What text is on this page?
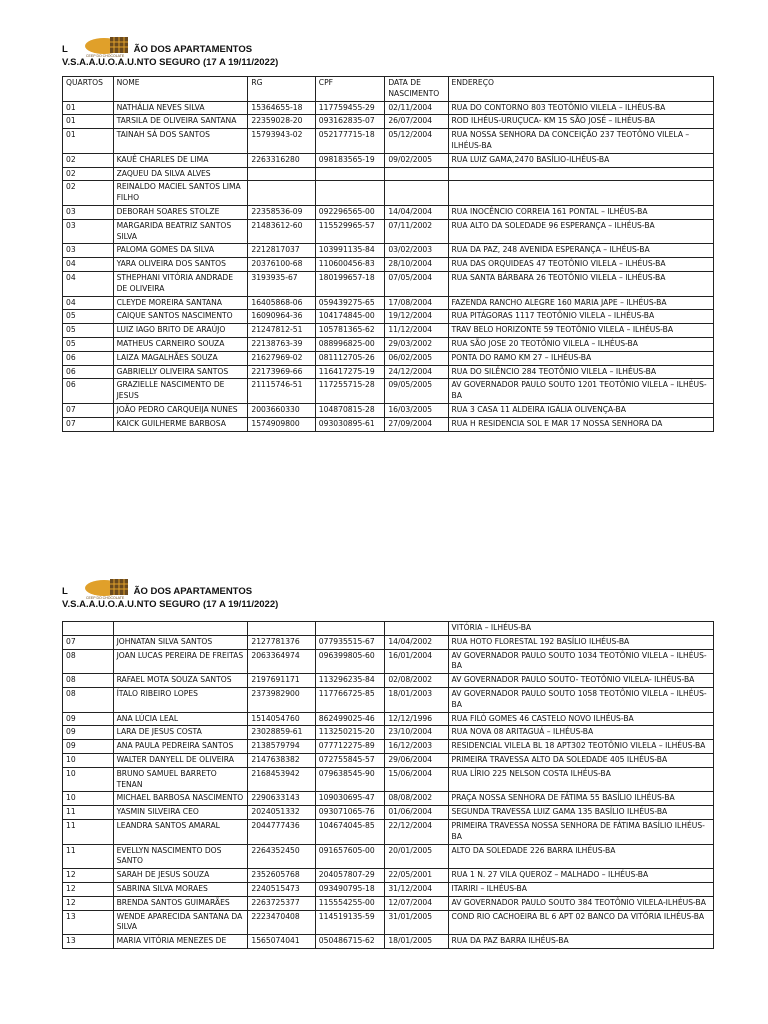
L	ÃO DOS APARTAMENTOS
V.S.A.A.U.O.A.U.NTO SEGURO (17 A 19/11/2022)
CEEP DO CHOCOLATE
QUARTOS	NOME	RG	CPF	DATA DE NASCIMENTO	ENDEREÇO
01	NATHÁLIA NEVES SILVA	15364655-18	117759455-29	02/11/2004	RUA DO CONTORNO 803 TEOTÔNIO VILELA – ILHÉUS-BA
01	TARSILA DE OLIVEIRA SANTANA	22359028-20	093162835-07	26/07/2004	ROD ILHÉUS-URUÇUCA- KM 15 SÃO JOSÉ – ILHÉUS-BA
01	TAINAH SÁ DOS SANTOS	15793943-02	052177715-18	05/12/2004	RUA NOSSA SENHORA DA CONCEIÇÃO 237 TEOTÔNO VILELA – ILHÉUS-BA
02	KAUÊ CHARLES DE LIMA	2263316280	098183565-19	09/02/2005	RUA LUIZ GAMA,2470 BASÍLIO-ILHÉUS-BA
02	ZAQUEU DA SILVA ALVES				
02	REINALDO MACIEL SANTOS LIMA FILHO				
03	DEBORAH SOARES STOLZE	22358536-09	092296565-00	14/04/2004	RUA INOCÊNCIO CORREIA 161 PONTAL – ILHÉUS-BA
03	MARGARIDA BEATRIZ SANTOS SILVA	21483612-60	115529965-57	07/11/2002	RUA ALTO DA SOLEDADE 96 ESPERANÇA – ILHÉUS-BA
03	PALOMA GOMES DA SILVA	2212817037	103991135-84	03/02/2003	RUA DA PAZ, 248 AVENIDA ESPERANÇA – ILHÉUS-BA
04	YARA OLIVEIRA DOS SANTOS	20376100-68	110600456-83	28/10/2004	RUA DAS ORQUIDEAS 47 TEOTÔNIO VILELA – ILHÉUS-BA
04	STHEPHANI VITÓRIA ANDRADE DE OLIVEIRA	3193935-67	180199657-18	07/05/2004	RUA SANTA BÁRBARA 26 TEOTÔNIO VILELA – ILHÉUS-BA
04	CLEYDE MOREIRA SANTANA	16405868-06	059439275-65	17/08/2004	FAZENDA RANCHO ALEGRE 160 MARIA JAPE – ILHÉUS-BA
05	CAIQUE SANTOS NASCIMENTO	16090964-36	104174845-00	19/12/2004	RUA PITÁGORAS 1117 TEOTÔNIO VILELA – ILHÉUS-BA
05	LUIZ IAGO BRITO DE ARAÚJO	21247812-51	105781365-62	11/12/2004	TRAV BELO HORIZONTE 59 TEOTÔNIO VILELA – ILHÉUS-BA
05	MATHEUS CARNEIRO SOUZA	22138763-39	088996825-00	29/03/2002	RUA SÃO JOSE 20 TEOTÔNIO VILELA – ILHÉUS-BA
06	LAIZA MAGALHÃES SOUZA	21627969-02	081112705-26	06/02/2005	PONTA DO RAMO KM 27 – ILHÉUS-BA
06	GABRIELLY OLIVEIRA SANTOS	22173969-66	116417275-19	24/12/2004	RUA DO SILÊNCIO 284 TEOTÔNIO VILELA – ILHÉUS-BA
06	GRAZIELLE NASCIMENTO DE JESUS	21115746-51	117255715-28	09/05/2005	AV GOVERNADOR PAULO SOUTO 1201 TEOTÔNIO VILELA – ILHÉUS-BA
07	JOÃO PEDRO CARQUEIJA NUNES	2003660330	104870815-28	16/03/2005	RUA 3 CASA 11 ALDEIRA IGÁLIA OLIVENÇA-BA
07	KAICK GUILHERME BARBOSA	1574909800	093030895-61	27/09/2004	RUA H RESIDENCIA SOL E MAR 17 NOSSA SENHORA DA
L	ÃO DOS APARTAMENTOS
V.S.A.A.U.O.A.U.NTO SEGURO (17 A 19/11/2022)
CEEP DO CHOCOLATE
					VITÓRIA – ILHÉUS-BA
07	JOHNATAN SILVA SANTOS	2127781376	077935515-67	14/04/2002	RUA HOTO FLORESTAL 192 BASÍLIO ILHÉUS-BA
08	JOAN LUCAS PEREIRA DE FREITAS	2063364974	096399805-60	16/01/2004	AV GOVERNADOR PAULO SOUTO 1034 TEOTÔNIO VILELA – ILHÉUS-BA
08	RAFAEL MOTA SOUZA SANTOS	2197691171	113296235-84	02/08/2002	AV GOVERNADOR PAULO SOUTO- TEOTÔNIO VILELA- ILHÉUS-BA
08	ÍTALO RIBEIRO LOPES	2373982900	117766725-85	18/01/2003	AV GOVERNADOR PAULO SOUTO 1058 TEOTÔNIO VILELA – ILHÉUS-BA
09	ANA LÚCIA LEAL	1514054760	862499025-46	12/12/1996	RUA FILÓ GOMES 46 CASTELO NOVO ILHÉUS-BA
09	LARA DE JESUS COSTA	23028859-61	113250215-20	23/10/2004	RUA NOVA 08 ARITAGUÁ – ILHÉUS-BA
09	ANA PAULA PEDREIRA SANTOS	2138579794	077712275-89	16/12/2003	RESIDENCIAL VILELA BL 18 APT302 TEOTÔNIO VILELA – ILHÉUS-BA
10	WALTER DANYELL DE OLIVEIRA	2147638382	072755845-57	29/06/2004	PRIMEIRA TRAVESSA ALTO DA SOLEDADE 405 ILHÉUS-BA
10	BRUNO SAMUEL BARRETO TENAN	2168453942	079638545-90	15/06/2004	RUA LÍRIO 225 NELSON COSTA ILHÉUS-BA
10	MICHAEL BARBOSA NASCIMENTO	2290633143	109030695-47	08/08/2002	PRAÇA NOSSA SENHORA DE FÁTIMA 55 BASÍLIO ILHÉUS-BA
11	YASMIN SILVEIRA CEO	2024051332	093071065-76	01/06/2004	SEGUNDA TRAVESSA LUIZ GAMA 135 BASÍLIO ILHÉUS-BA
11	LEANDRA SANTOS AMARAL	2044777436	104674045-85	22/12/2004	PRIMEIRA TRAVESSA NOSSA SENHORA DE FÁTIMA BASÍLIO ILHÉUS-BA
11	EVELLYN NASCIMENTO DOS SANTO	2264352450	091657605-00	20/01/2005	ALTO DA SOLEDADE 226 BARRA ILHÉUS-BA
12	SARAH DE JESUS SOUZA	2352605768	204057807-29	22/05/2001	RUA 1 N. 27 VILA QUEROZ – MALHADO – ILHÉUS-BA
12	SABRINA SILVA MORAES	2240515473	093490795-18	31/12/2004	ITARIRI – ILHÉUS-BA
12	BRENDA SANTOS GUIMARÃES	2263725377	115554255-00	12/07/2004	AV GOVERNADOR PAULO SOUTO 384 TEOTÔNIO VILELA-ILHÉUS-BA
13	WENDE APARECIDA SANTANA DA SILVA	2223470408	114519135-59	31/01/2005	COND RIO CACHOEIRA BL 6 APT 02 BANCO DA VITÓRIA ILHÉUS-BA
13	MARIA VITÓRIA MENEZES DE	1565074041	050486715-62	18/01/2005	RUA DA PAZ BARRA ILHÉUS-BA
